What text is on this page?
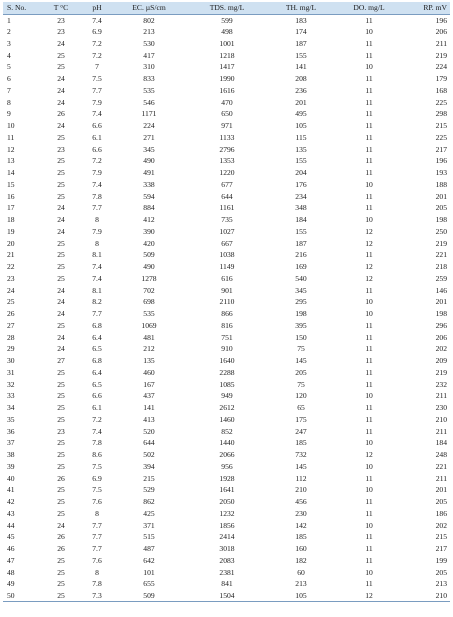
S. No.	T °C	pH	EC. µS/cm	TDS. mg/L	TH. mg/L	DO. mg/L	RP. mV
1	23	7.4	802	599	183	11	196
2	23	6.9	213	498	174	10	206
3	24	7.2	530	1001	187	11	211
4	25	7.2	417	1218	155	11	219
5	25	7	310	1417	141	10	224
6	24	7.5	833	1990	208	11	179
7	24	7.7	535	1616	236	11	168
8	24	7.9	546	470	201	11	225
9	26	7.4	1171	650	495	11	298
10	24	6.6	224	971	105	11	215
11	25	6.1	271	1133	115	11	225
12	23	6.6	345	2796	135	11	217
13	25	7.2	490	1353	155	11	196
14	25	7.9	491	1220	204	11	193
15	25	7.4	338	677	176	10	188
16	25	7.8	594	644	234	11	201
17	24	7.7	884	1161	348	11	205
18	24	8	412	735	184	10	198
19	24	7.9	390	1027	155	12	250
20	25	8	420	667	187	12	219
21	25	8.1	509	1038	216	11	221
22	25	7.4	490	1149	169	12	218
23	25	7.4	1278	616	540	12	259
24	24	8.1	702	901	345	11	146
25	24	8.2	698	2110	295	10	201
26	24	7.7	535	866	198	10	198
27	25	6.8	1069	816	395	11	296
28	24	6.4	481	751	150	11	206
29	24	6.5	212	910	75	11	202
30	27	6.8	135	1640	145	11	209
31	25	6.4	460	2288	205	11	219
32	25	6.5	167	1085	75	11	232
33	25	6.6	437	949	120	10	211
34	25	6.1	141	2612	65	11	230
35	25	7.2	413	1460	175	11	210
36	23	7.4	520	852	247	11	211
37	25	7.8	644	1440	185	10	184
38	25	8.6	502	2066	732	12	248
39	25	7.5	394	956	145	10	221
40	26	6.9	215	1928	112	11	211
41	25	7.5	529	1641	210	10	201
42	25	7.6	862	2050	456	11	205
43	25	8	425	1232	230	11	186
44	24	7.7	371	1856	142	10	202
45	26	7.7	515	2414	185	11	215
46	26	7.7	487	3018	160	11	217
47	25	7.6	642	2083	182	11	199
48	25	8	101	2381	60	10	205
49	25	7.8	655	841	213	11	213
50	25	7.3	509	1504	105	12	210
